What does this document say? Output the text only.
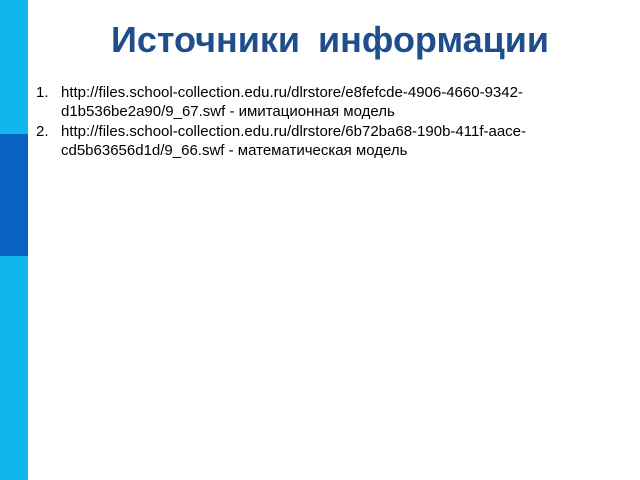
Источники информации
1. http://files.school-collection.edu.ru/dlrstore/e8fefcde-4906-4660-9342-
d1b536be2a90/9_67.swf - имитационная модель
2. http://files.school-collection.edu.ru/dlrstore/6b72ba68-190b-411f-aace-
cd5b63656d1d/9_66.swf - математическая модель
